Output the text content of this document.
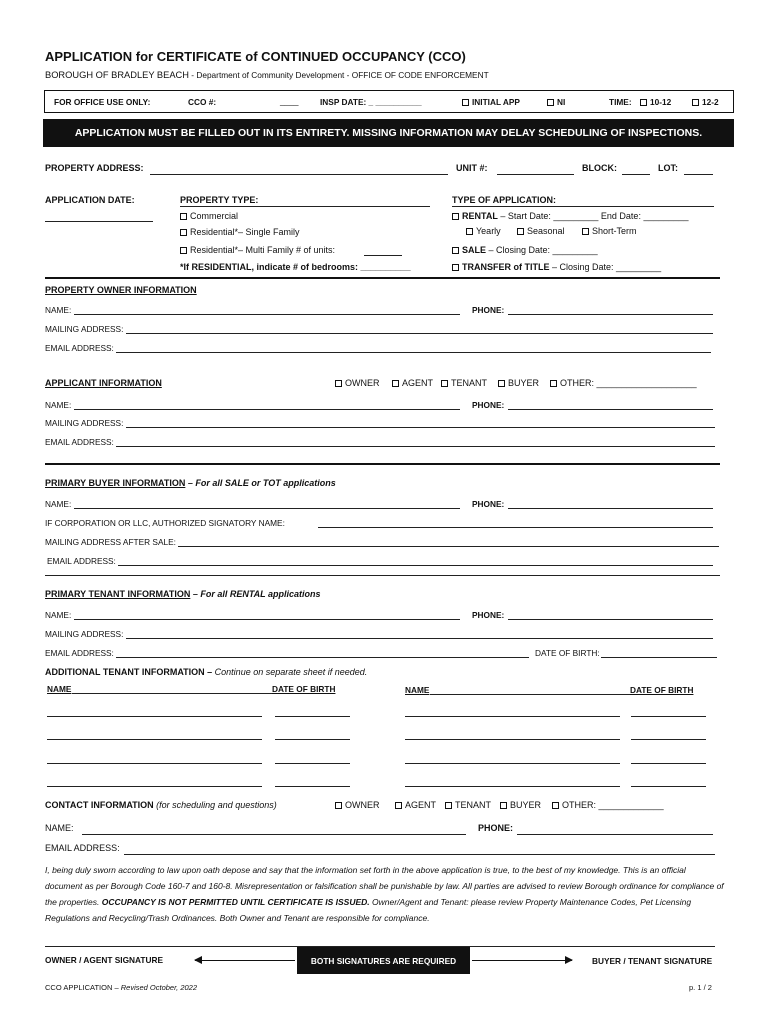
APPLICATION for CERTIFICATE of CONTINUED OCCUPANCY (CCO)
BOROUGH OF BRADLEY BEACH - Department of Community Development - OFFICE OF CODE ENFORCEMENT
FOR OFFICE USE ONLY:	CCO #:	____	INSP DATE: _ __________	INITIAL APP	NI	TIME:	10-12	12-2
APPLICATION MUST BE FILLED OUT IN ITS ENTIRETY. MISSING INFORMATION MAY DELAY SCHEDULING OF INSPECTIONS.
PROPERTY ADDRESS:	UNIT #:	BLOCK:	LOT:
APPLICATION DATE:	PROPERTY TYPE:
Commercial
Residential*– Single Family
Residential*– Multi Family # of units:
*If RESIDENTIAL, indicate # of bedrooms: __________
TYPE OF APPLICATION:
RENTAL – Start Date: _________ End Date: _________
Yearly	Seasonal	Short-Term
SALE – Closing Date: _________
TRANSFER of TITLE – Closing Date: _________
PROPERTY OWNER INFORMATION
NAME:	PHONE:
MAILING ADDRESS:
EMAIL ADDRESS:
APPLICANT INFORMATION	OWNER	AGENT	TENANT	BUYER	OTHER: ____________________
NAME:	PHONE:
MAILING ADDRESS:
EMAIL ADDRESS:
PRIMARY BUYER INFORMATION – For all SALE or TOT applications
NAME:	PHONE:
IF CORPORATION OR LLC, AUTHORIZED SIGNATORY NAME:
MAILING ADDRESS AFTER SALE:
EMAIL ADDRESS:
PRIMARY TENANT INFORMATION – For all RENTAL applications
NAME:	PHONE:
MAILING ADDRESS:
EMAIL ADDRESS:	DATE OF BIRTH:
ADDITIONAL TENANT INFORMATION – Continue on separate sheet if needed.
NAME	DATE OF BIRTH	NAME	DATE OF BIRTH
CONTACT INFORMATION (for scheduling and questions)	OWNER	AGENT	TENANT	BUYER	OTHER: _____________
NAME:	PHONE:
EMAIL ADDRESS:
I, being duly sworn according to law upon oath depose and say that the information set forth in the above application is true, to the best of my knowledge. This is an official document as per Borough Code 160-7 and 160-8. Misrepresentation or falsification shall be punishable by law. All parties are advised to review Borough ordinance for compliance of the properties. OCCUPANCY IS NOT PERMITTED UNTIL CERTIFICATE IS ISSUED. Owner/Agent and Tenant: please review Property Maintenance Codes, Pet Licensing Regulations and Recycling/Trash Ordinances. Both Owner and Tenant are responsible for compliance.
OWNER / AGENT SIGNATURE	BOTH SIGNATURES ARE REQUIRED	BUYER / TENANT SIGNATURE
CCO APPLICATION – Revised October, 2022	p. 1 / 2
